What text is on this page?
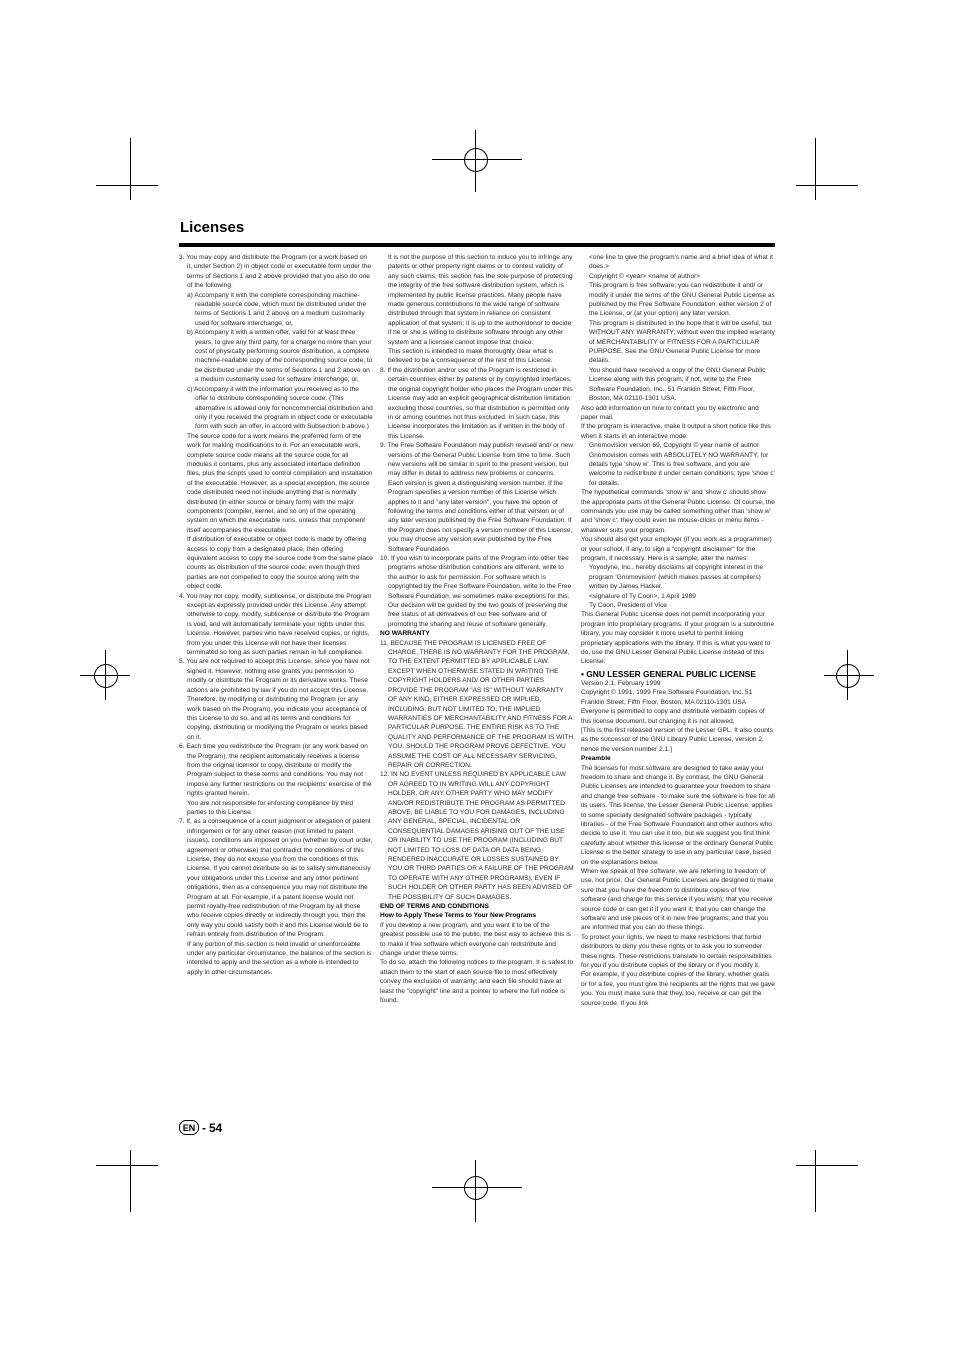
Licenses

3. You may copy and distribute the Program (or a work based on it, under Section 2) in object code or executable form under the terms of Sections 1 and 2 above provided that you also do one of the following:

a) Accompany it with the complete corresponding machine-readable source code, which must be distributed under the terms of Sections 1 and 2 above on a medium customarily used for software interchange; or,

b) Accompany it with a written offer, valid for at least three years, to give any third party, for a charge no more than your cost of physically performing source distribution, a complete machine-readable copy of the corresponding source code, to be distributed under the terms of Sections 1 and 2 above on a medium customarily used for software interchange; or,

c) Accompany it with the information you received as to the offer to distribute corresponding source code. (This alternative is allowed only for noncommercial distribution and only if you received the program in object code or executable form with such an offer, in accord with Subsection b above.)

The source code for a work means the preferred form of the work for making modifications to it. For an executable work, complete source code means all the source code for all modules it contains, plus any associated interface definition files, plus the scripts used to control compilation and installation of the executable. However, as a special exception, the source code distributed need not include anything that is normally distributed (in either source or binary form) with the major components (compiler, kernel, and so on) of the operating system on which the executable runs, unless that component itself accompanies the executable.

If distribution of executable or object code is made by offering access to copy from a designated place, then offering equivalent access to copy the source code from the same place counts as distribution of the source code, even though third parties are not compelled to copy the source along with the object code.

4. You may not copy, modify, sublicense, or distribute the Program except as expressly provided under this License. Any attempt otherwise to copy, modify, sublicense or distribute the Program is void, and will automatically terminate your rights under this License. However, parties who have received copies, or rights, from you under this License will not have their licenses terminated so long as such parties remain in full compliance.

5. You are not required to accept this License, since you have not signed it. However, nothing else grants you permission to modify or distribute the Program or its derivative works. These actions are prohibited by law if you do not accept this License. Therefore, by modifying or distributing the Program (or any work based on the Program), you indicate your acceptance of this License to do so, and all its terms and conditions for copying, distributing or modifying the Program or works based on it.

6. Each time you redistribute the Program (or any work based on the Program), the recipient automatically receives a license from the original licensor to copy, distribute or modify the Program subject to these terms and conditions. You may not impose any further restrictions on the recipients' exercise of the rights granted herein.

You are not responsible for enforcing compliance by third parties to this License.

7. If, as a consequence of a court judgment or allegation of patent infringement or for any other reason (not limited to patent issues), conditions are imposed on you (whether by court order, agreement or otherwise) that contradict the conditions of this License, they do not excuse you from the conditions of this License. If you cannot distribute so as to satisfy simultaneously your obligations under this License and any other pertinent obligations, then as a consequence you may not distribute the Program at all. For example, if a patent license would not permit royalty-free redistribution of the Program by all those who receive copies directly or indirectly through you, then the only way you could satisfy both it and this License would be to refrain entirely from distribution of the Program.

If any portion of this section is held invalid or unenforceable under any particular circumstance, the balance of the section is intended to apply and the section as a whole is intended to apply in other circumstances.

It is not the purpose of this section to induce you to infringe any patents or other property right claims or to contest validity of any such claims; this section has the sole purpose of protecting the integrity of the free software distribution system, which is implemented by public license practices. Many people have made generous contributions to the wide range of software distributed through that system in reliance on consistent application of that system; it is up to the author/donor to decide if he or she is willing to distribute software through any other system and a licensee cannot impose that choice.

This section is intended to make thoroughly clear what is believed to be a consequence of the rest of this License.

8. If the distribution and/or use of the Program is restricted in certain countries either by patents or by copyrighted interfaces, the original copyright holder who places the Program under this License may add an explicit geographical distribution limitation excluding those countries, so that distribution is permitted only in or among countries not thus excluded. In such case, this License incorporates the limitation as if written in the body of this License.

9. The Free Software Foundation may publish revised and/ or new versions of the General Public License from time to time. Such new versions will be similar in spirit to the present version, but may differ in detail to address new problems or concerns.

Each version is given a distinguishing version number. If the Program specifies a version number of this License which applies to it and "any later version", you have the option of following the terms and conditions either of that version or of any later version published by the Free Software Foundation. If the Program does not specify a version number of this License, you may choose any version ever published by the Free Software Foundation.

10. If you wish to incorporate parts of the Program into other free programs whose distribution conditions are different, write to the author to ask for permission. For software which is copyrighted by the Free Software Foundation, write to the Free Software Foundation; we sometimes make exceptions for this. Our decision will be guided by the two goals of preserving the free status of all derivatives of our free software and of promoting the sharing and reuse of software generally.

NO WARRANTY

11. BECAUSE THE PROGRAM IS LICENSED FREE OF CHARGE, THERE IS NO WARRANTY FOR THE PROGRAM, TO THE EXTENT PERMITTED BY APPLICABLE LAW. EXCEPT WHEN OTHERWISE STATED IN WRITING THE COPYRIGHT HOLDERS AND/ OR OTHER PARTIES PROVIDE THE PROGRAM "AS IS" WITHOUT WARRANTY OF ANY KIND, EITHER EXPRESSED OR IMPLIED, INCLUDING, BUT NOT LIMITED TO, THE IMPLIED WARRANTIES OF MERCHANTABILITY AND FITNESS FOR A PARTICULAR PURPOSE. THE ENTIRE RISK AS TO THE QUALITY AND PERFORMANCE OF THE PROGRAM IS WITH YOU. SHOULD THE PROGRAM PROVE DEFECTIVE, YOU ASSUME THE COST OF ALL NECESSARY SERVICING, REPAIR OR CORRECTION.

12. IN NO EVENT UNLESS REQUIRED BY APPLICABLE LAW OR AGREED TO IN WRITING WILL ANY COPYRIGHT HOLDER, OR ANY OTHER PARTY WHO MAY MODIFY AND/OR REDISTRIBUTE THE PROGRAM AS PERMITTED ABOVE, BE LIABLE TO YOU FOR DAMAGES, INCLUDING ANY GENERAL, SPECIAL, INCIDENTAL OR CONSEQUENTIAL DAMAGES ARISING OUT OF THE USE OR INABILITY TO USE THE PROGRAM (INCLUDING BUT NOT LIMITED TO LOSS OF DATA OR DATA BEING RENDERED INACCURATE OR LOSSES SUSTAINED BY YOU OR THIRD PARTIES OR A FAILURE OF THE PROGRAM TO OPERATE WITH ANY OTHER PROGRAMS), EVEN IF SUCH HOLDER OR OTHER PARTY HAS BEEN ADVISED OF THE POSSIBILITY OF SUCH DAMAGES.

END OF TERMS AND CONDITIONS

How to Apply These Terms to Your New Programs

If you develop a new program, and you want it to be of the greatest possible use to the public, the best way to achieve this is to make it free software which everyone can redistribute and change under these terms.

To do so, attach the following notices to the program. It is safest to attach them to the start of each source file to most effectively convey the exclusion of warranty; and each file should have at least the "copyright" line and a pointer to where the full notice is found.

<one line to give the program's name and a brief idea of what it does.>

Copyright © <year> <name of author>

This program is free software; you can redistribute it and/ or modify it under the terms of the GNU General Public License as published by the Free Software Foundation; either version 2 of the License, or (at your option) any later version.

This program is distributed in the hope that it will be useful, but WITHOUT ANY WARRANTY; without even the implied warranty of MERCHANTABILITY or FITNESS FOR A PARTICULAR PURPOSE. See the GNU General Public License for more details.

You should have received a copy of the GNU General Public License along with this program; if not, write to the Free Software Foundation, Inc., 51 Franklin Street, Fifth Floor, Boston, MA 02110-1301 USA.

Also add information on how to contact you by electronic and paper mail.

If the program is interactive, make it output a short notice like this when it starts in an interactive mode:

Gnomovision version 69, Copyright © year name of author

Gnomovision comes with ABSOLUTELY NO WARRANTY; for details type 'show w'. This is free software, and you are welcome to redistribute it under certain conditions; type 'show c' for details.

The hypothetical commands 'show w' and 'show c' should show the appropriate parts of the General Public License. Of course, the commands you use may be called something other than 'show w' and 'show c'; they could even be mouse-clicks or menu items - whatever suits your program.

You should also get your employer (if you work as a programmer) or your school, if any, to sign a "copyright disclaimer" for the program, if necessary. Here is a sample; alter the names:

Yoyodyne, Inc., hereby disclaims all copyright interest in the program 'Gnomovision' (which makes passes at compilers) written by James Hacker.

<signature of Ty Coon>, 1 April 1989

Ty Coon, President of Vice

This General Public License does not permit incorporating your program into proprietary programs. If your program is a subroutine library, you may consider it more useful to permit linking proprietary applications with the library. If this is what you want to do, use the GNU Lesser General Public License instead of this License.

• GNU LESSER GENERAL PUBLIC LICENSE

Version 2.1, February 1999

Copyright © 1991, 1999 Free Software Foundation, Inc. 51 Franklin Street, Fifth Floor, Boston, MA 02110-1301 USA

Everyone is permitted to copy and distribute verbatim copies of this license document, but changing it is not allowed.

[This is the first released version of the Lesser GPL. It also counts as the successor of the GNU Library Public License, version 2, hence the version number 2.1.]

Preamble

The licenses for most software are designed to take away your freedom to share and change it. By contrast, the GNU General Public Licenses are intended to guarantee your freedom to share and change free software - to make sure the software is free for all its users. This license, the Lesser General Public License, applies to some specially designated software packages - typically libraries - of the Free Software Foundation and other authors who decide to use it. You can use it too, but we suggest you first think carefully about whether this license or the ordinary General Public License is the better strategy to use in any particular case, based on the explanations below.

When we speak of free software, we are referring to freedom of use, not price. Our General Public Licenses are designed to make sure that you have the freedom to distribute copies of free software (and charge for this service if you wish); that you receive source code or can get it if you want it; that you can change the software and use pieces of it in new free programs; and that you are informed that you can do these things.

To protect your rights, we need to make restrictions that forbid distributors to deny you these rights or to ask you to surrender these rights. These restrictions translate to certain responsibilities for you if you distribute copies of the library or if you modify it.

For example, if you distribute copies of the library, whether gratis or for a fee, you must give the recipients all the rights that we gave you. You must make sure that they, too, receive or can get the source code. If you link

EN - 54
